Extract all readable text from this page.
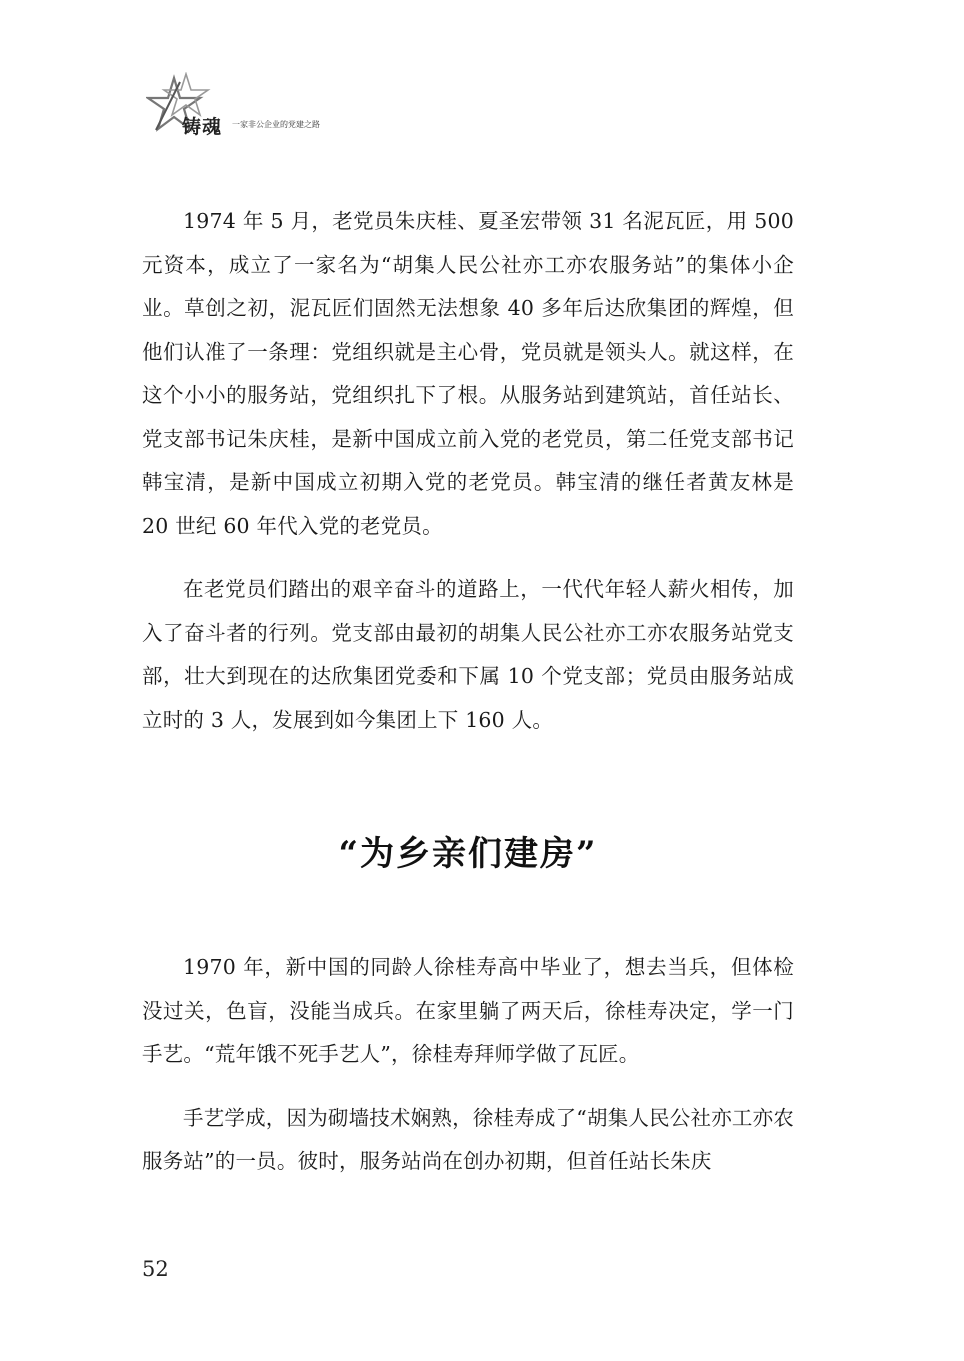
铸魂 一家非公企业的党建之路

1974 年 5 月，老党员朱庆桂、夏圣宏带领 31 名泥瓦匠，用 500 元资本，成立了一家名为“胡集人民公社亦工亦农服务站”的集体小企业。草创之初，泥瓦匠们固然无法想象 40 多年后达欣集团的辉煌，但他们认准了一条理：党组织就是主心骨，党员就是领头人。就这样，在这个小小的服务站，党组织扎下了根。从服务站到建筑站，首任站长、党支部书记朱庆桂，是新中国成立前入党的老党员，第二任党支部书记韩宝清，是新中国成立初期入党的老党员。韩宝清的继任者黄友林是 20 世纪 60 年代入党的老党员。

在老党员们踏出的艰辛奋斗的道路上，一代代年轻人薪火相传，加入了奋斗者的行列。党支部由最初的胡集人民公社亦工亦农服务站党支部，壮大到现在的达欣集团党委和下属 10 个党支部；党员由服务站成立时的 3 人，发展到如今集团上下 160 人。

“为乡亲们建房”

1970 年，新中国的同龄人徐桂寿高中毕业了，想去当兵，但体检没过关，色盲，没能当成兵。在家里躺了两天后，徐桂寿决定，学一门手艺。“荒年饿不死手艺人”，徐桂寿拜师学做了瓦匠。

手艺学成，因为砌墙技术娴熟，徐桂寿成了“胡集人民公社亦工亦农服务站”的一员。彼时，服务站尚在创办初期，但首任站长朱庆

52
